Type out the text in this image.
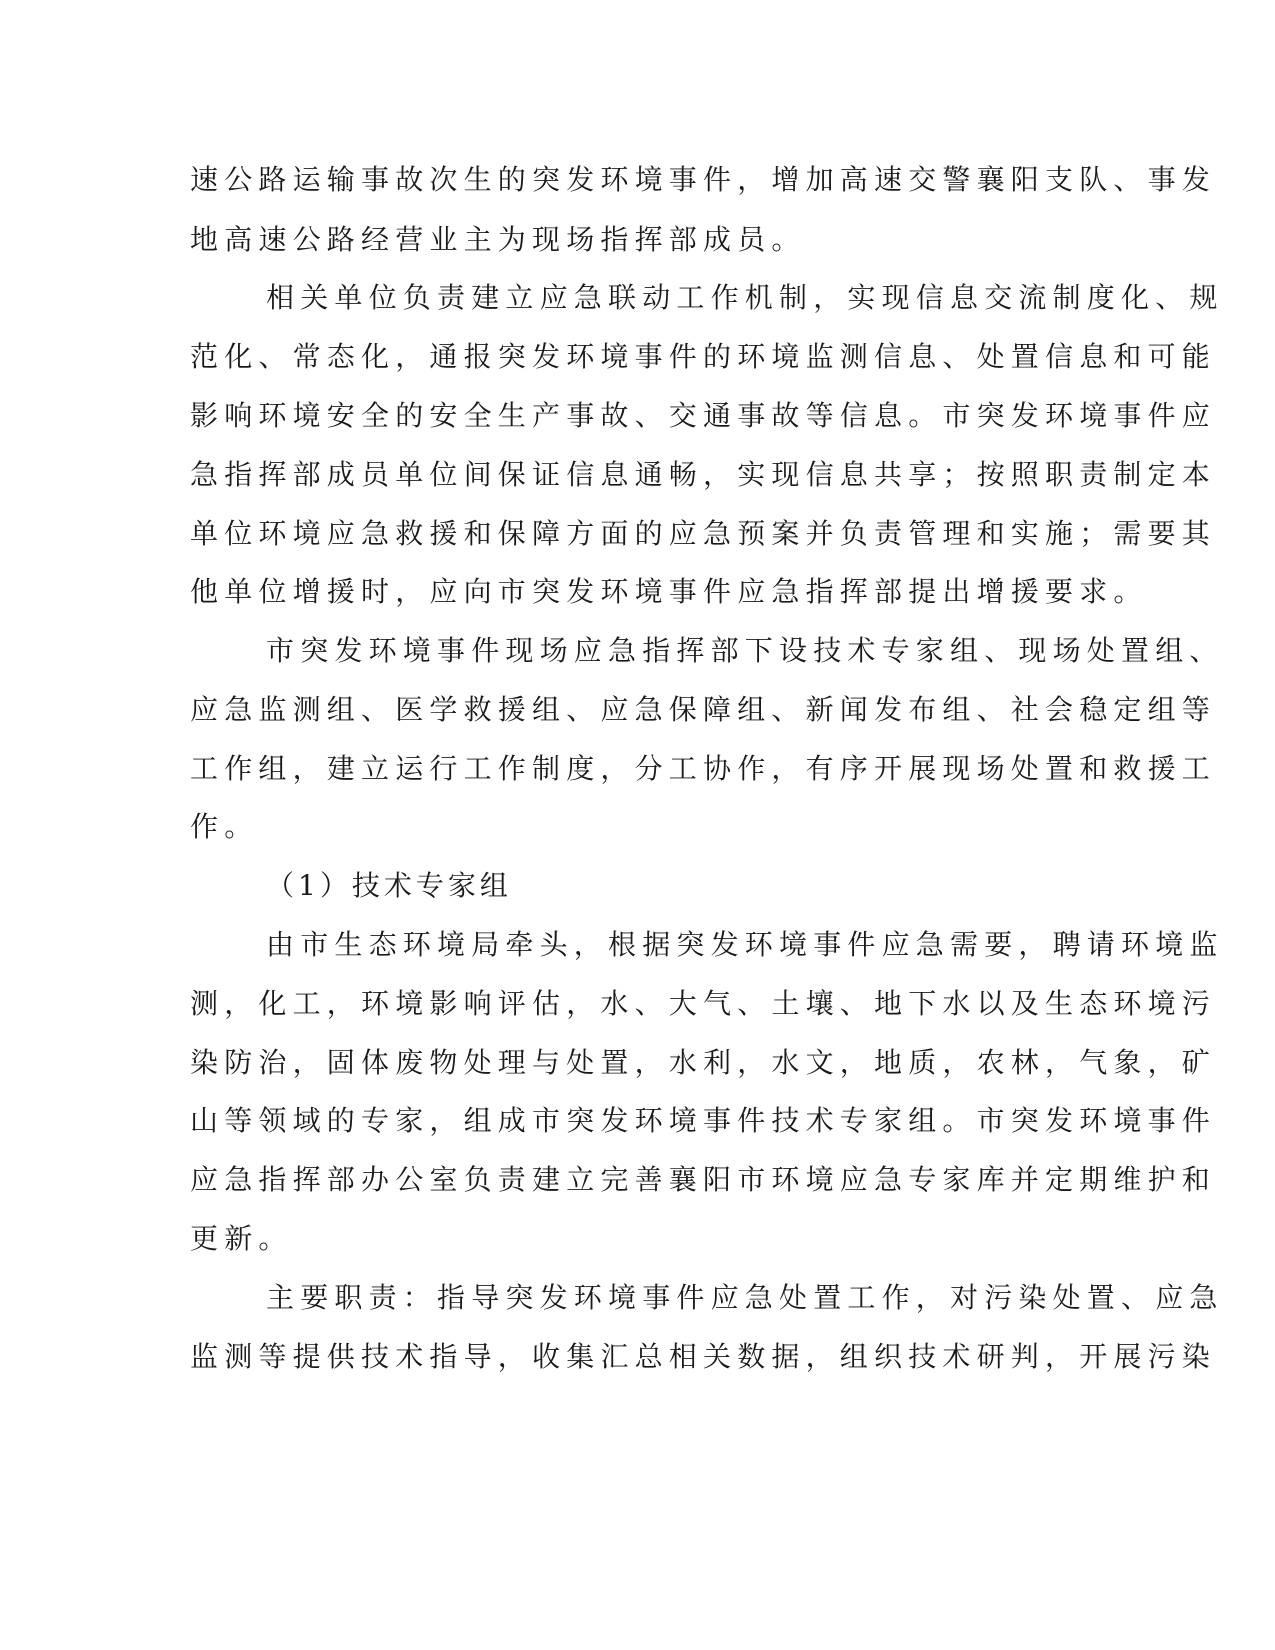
速公路运输事故次生的突发环境事件，增加高速交警襄阳支队、事发
地高速公路经营业主为现场指挥部成员。
相关单位负责建立应急联动工作机制，实现信息交流制度化、规
范化、常态化，通报突发环境事件的环境监测信息、处置信息和可能
影响环境安全的安全生产事故、交通事故等信息。市突发环境事件应
急指挥部成员单位间保证信息通畅，实现信息共享；按照职责制定本
单位环境应急救援和保障方面的应急预案并负责管理和实施；需要其
他单位增援时，应向市突发环境事件应急指挥部提出增援要求。
市突发环境事件现场应急指挥部下设技术专家组、现场处置组、
应急监测组、医学救援组、应急保障组、新闻发布组、社会稳定组等
工作组，建立运行工作制度，分工协作，有序开展现场处置和救援工
作。
（1）技术专家组
由市生态环境局牵头，根据突发环境事件应急需要，聘请环境监
测，化工，环境影响评估，水、大气、土壤、地下水以及生态环境污
染防治，固体废物处理与处置，水利，水文，地质，农林，气象，矿
山等领域的专家，组成市突发环境事件技术专家组。市突发环境事件
应急指挥部办公室负责建立完善襄阳市环境应急专家库并定期维护和
更新。
主要职责：指导突发环境事件应急处置工作，对污染处置、应急
监测等提供技术指导，收集汇总相关数据，组织技术研判，开展污染
